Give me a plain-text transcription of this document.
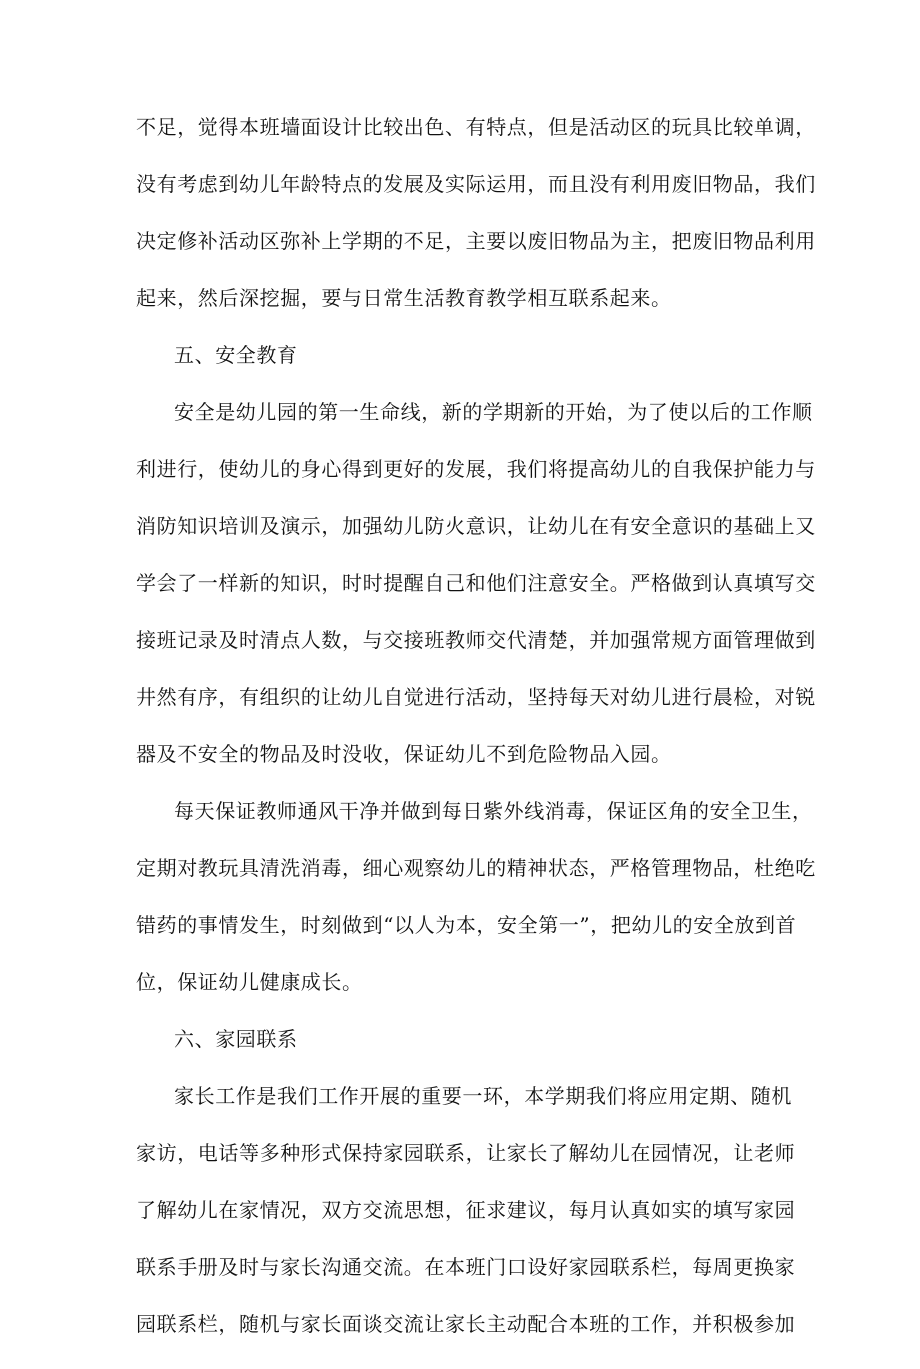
不足，觉得本班墙面设计比较出色、有特点，但是活动区的玩具比较单调，
没有考虑到幼儿年龄特点的发展及实际运用，而且没有利用废旧物品，我们
决定修补活动区弥补上学期的不足，主要以废旧物品为主，把废旧物品利用
起来，然后深挖掘，要与日常生活教育教学相互联系起来。
五、安全教育
安全是幼儿园的第一生命线，新的学期新的开始，为了使以后的工作顺
利进行，使幼儿的身心得到更好的发展，我们将提高幼儿的自我保护能力与
消防知识培训及演示，加强幼儿防火意识，让幼儿在有安全意识的基础上又
学会了一样新的知识，时时提醒自己和他们注意安全。严格做到认真填写交
接班记录及时清点人数，与交接班教师交代清楚，并加强常规方面管理做到
井然有序，有组织的让幼儿自觉进行活动，坚持每天对幼儿进行晨检，对锐
器及不安全的物品及时没收，保证幼儿不到危险物品入园。
每天保证教师通风干净并做到每日紫外线消毒，保证区角的安全卫生，
定期对教玩具清洗消毒，细心观察幼儿的精神状态，严格管理物品，杜绝吃
错药的事情发生，时刻做到“以人为本，安全第一”，把幼儿的安全放到首
位，保证幼儿健康成长。
六、家园联系
家长工作是我们工作开展的重要一环，本学期我们将应用定期、随机
家访，电话等多种形式保持家园联系，让家长了解幼儿在园情况，让老师
了解幼儿在家情况，双方交流思想，征求建议，每月认真如实的填写家园
联系手册及时与家长沟通交流。在本班门口设好家园联系栏，每周更换家
园联系栏，随机与家长面谈交流让家长主动配合本班的工作，并积极参加
